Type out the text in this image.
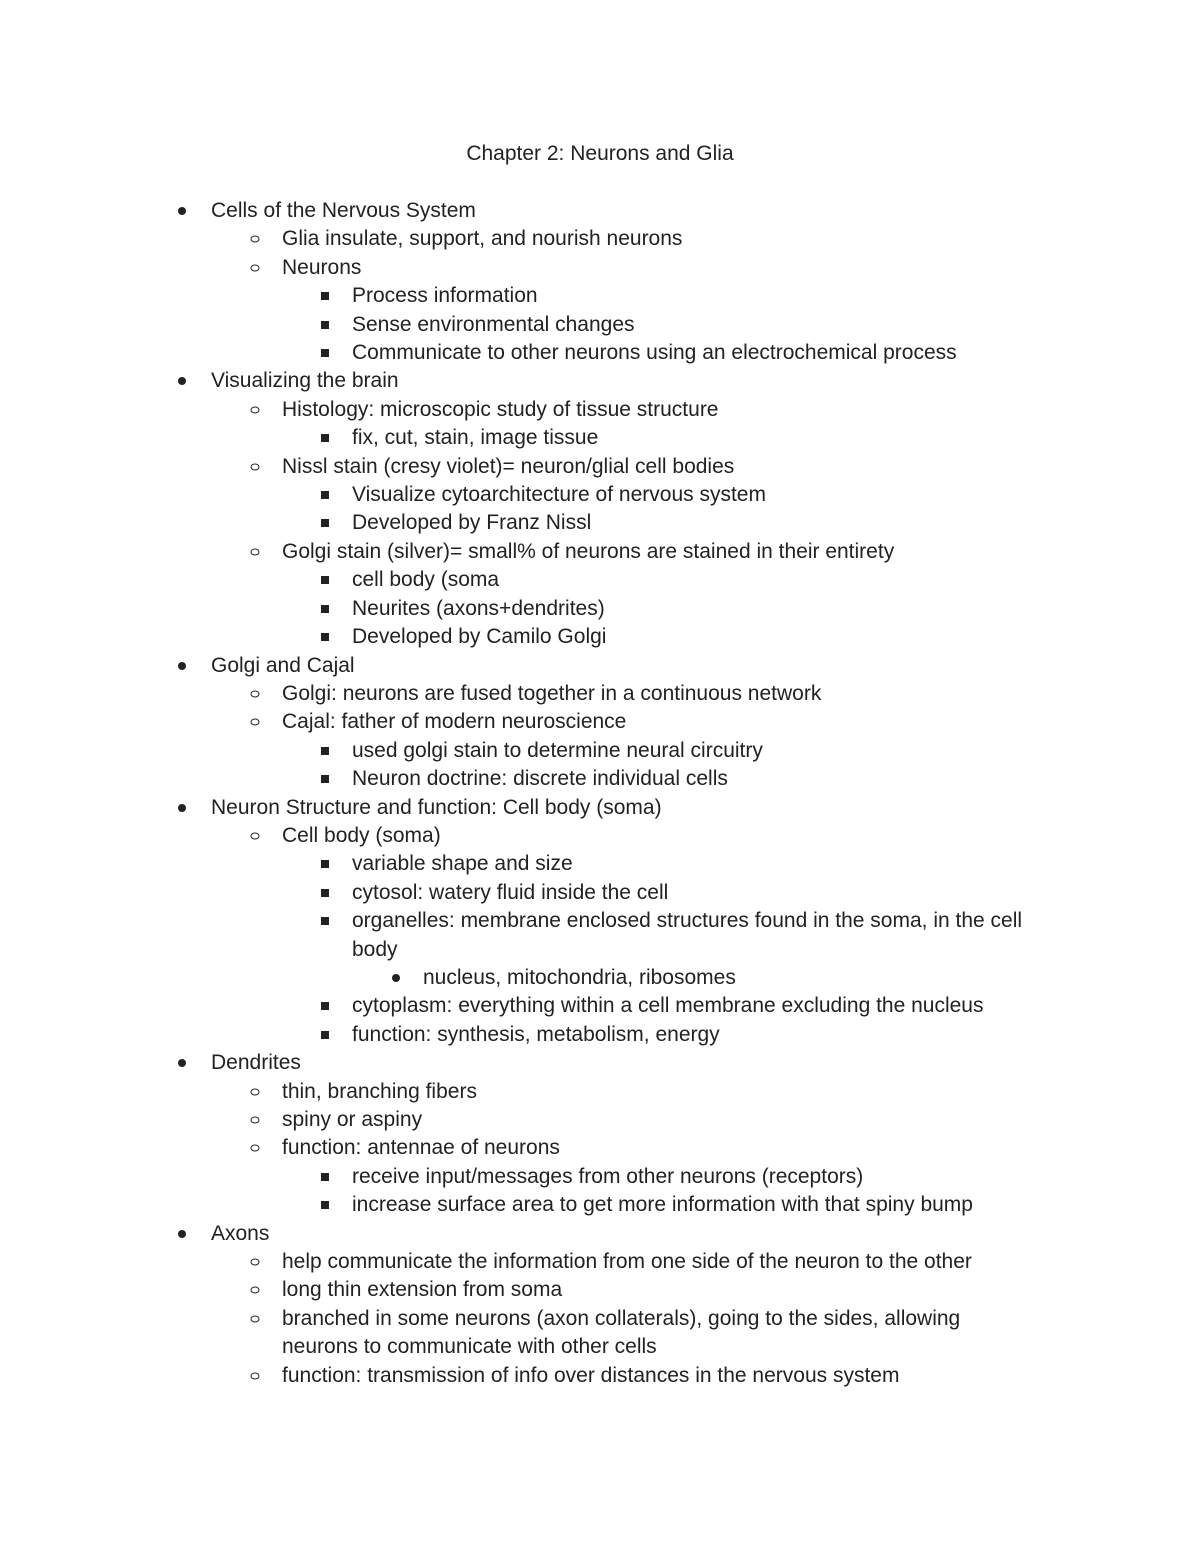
Chapter 2: Neurons and Glia
Cells of the Nervous System
Glia insulate, support, and nourish neurons
Neurons
Process information
Sense environmental changes
Communicate to other neurons using an electrochemical process
Visualizing the brain
Histology: microscopic study of tissue structure
fix, cut, stain, image tissue
Nissl stain (cresy violet)= neuron/glial cell bodies
Visualize cytoarchitecture of nervous system
Developed by Franz Nissl
Golgi stain (silver)= small% of neurons are stained in their entirety
cell body (soma
Neurites (axons+dendrites)
Developed by Camilo Golgi
Golgi and Cajal
Golgi: neurons are fused together in a continuous network
Cajal: father of modern neuroscience
used golgi stain to determine neural circuitry
Neuron doctrine: discrete individual cells
Neuron Structure and function: Cell body (soma)
Cell body (soma)
variable shape and size
cytosol: watery fluid inside the cell
organelles: membrane enclosed structures found in the soma, in the cell body
nucleus, mitochondria, ribosomes
cytoplasm: everything within a cell membrane excluding the nucleus
function: synthesis, metabolism, energy
Dendrites
thin, branching fibers
spiny or aspiny
function: antennae of neurons
receive input/messages from other neurons (receptors)
increase surface area to get more information with that spiny bump
Axons
help communicate the information from one side of the neuron to the other
long thin extension from soma
branched in some neurons (axon collaterals), going to the sides, allowing neurons to communicate with other cells
function: transmission of info over distances in the nervous system
